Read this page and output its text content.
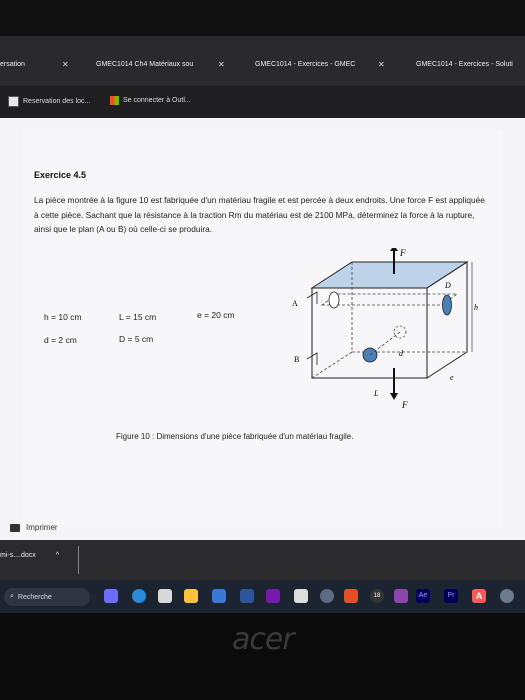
ersation	✕	GMEC1014 Ch4 Matériaux sou	✕	GMEC1014 - Exercices - GMEC	✕	GMEC1014 - Exercices - Soluti
Reservation des loc...	Se connecter à Outl...
Exercice 4.5
La pièce montrée à la figure 10 est fabriquée d'un matériau fragile et est percée à deux endroits. Une force F est appliquée à cette pièce. Sachant que la résistance à la traction Rm du matériau est de 2100 MPa, déterminez la force à la rupture, ainsi que le plan (A ou B) où celle-ci se produira.
h = 10 cm	L = 15 cm	e = 20 cm
d = 2 cm	D = 5 cm
F
F
D
h
A
B
d
L
e
Figure 10 : Dimensions d'une pièce fabriquée d'un matériau fragile.
Imprimer
mi-s....docx	^
⌕ Recherche	18	Ae	Pr	A
acer
